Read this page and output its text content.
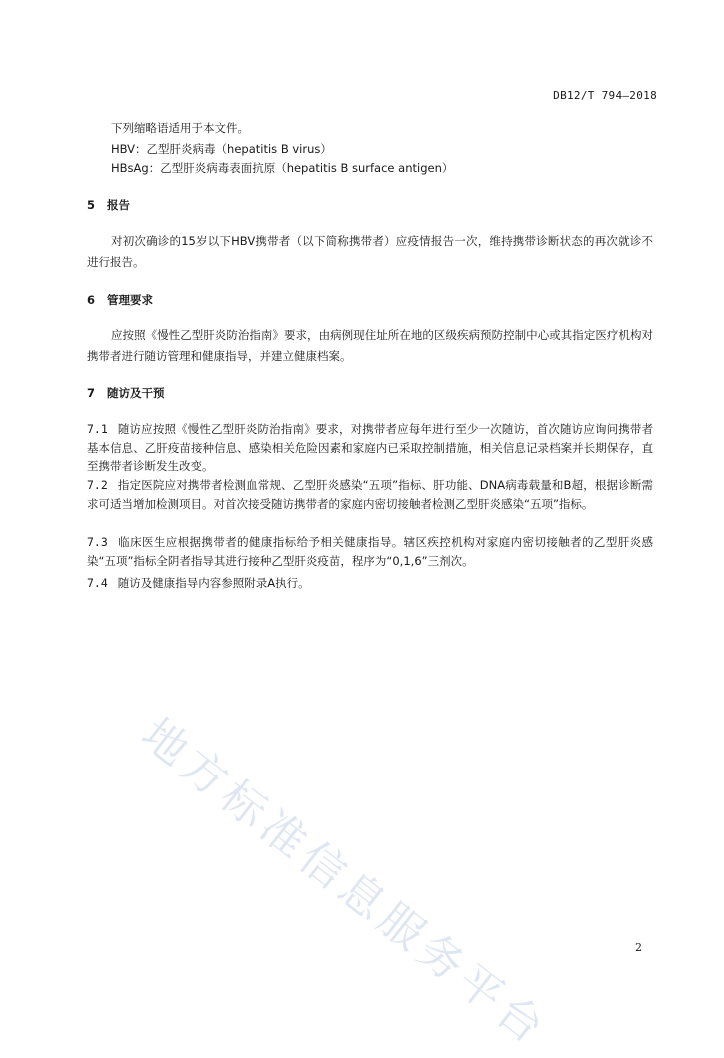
DB12/T 794—2018
下列缩略语适用于本文件。
HBV：乙型肝炎病毒（hepatitis B virus）
HBsAg：乙型肝炎病毒表面抗原（hepatitis B surface antigen）
5 报告
对初次确诊的15岁以下HBV携带者（以下简称携带者）应疫情报告一次，维持携带诊断状态的再次就诊不进行报告。
6 管理要求
应按照《慢性乙型肝炎防治指南》要求，由病例现住址所在地的区级疾病预防控制中心或其指定医疗机构对携带者进行随访管理和健康指导，并建立健康档案。
7 随访及干预
7.1 随访应按照《慢性乙型肝炎防治指南》要求，对携带者应每年进行至少一次随访，首次随访应询问携带者基本信息、乙肝疫苗接种信息、感染相关危险因素和家庭内已采取控制措施，相关信息记录档案并长期保存，直至携带者诊断发生改变。
7.2 指定医院应对携带者检测血常规、乙型肝炎感染“五项”指标、肝功能、DNA病毒载量和B超，根据诊断需求可适当增加检测项目。对首次接受随访携带者的家庭内密切接触者检测乙型肝炎感染“五项”指标。
7.3 临床医生应根据携带者的健康指标给予相关健康指导。辖区疾控机构对家庭内密切接触者的乙型肝炎感染“五项”指标全阴者指导其进行接种乙型肝炎疫苗，程序为“0,1,6”三剂次。
7.4 随访及健康指导内容参照附录A执行。
地方标准信息服务平台	2
